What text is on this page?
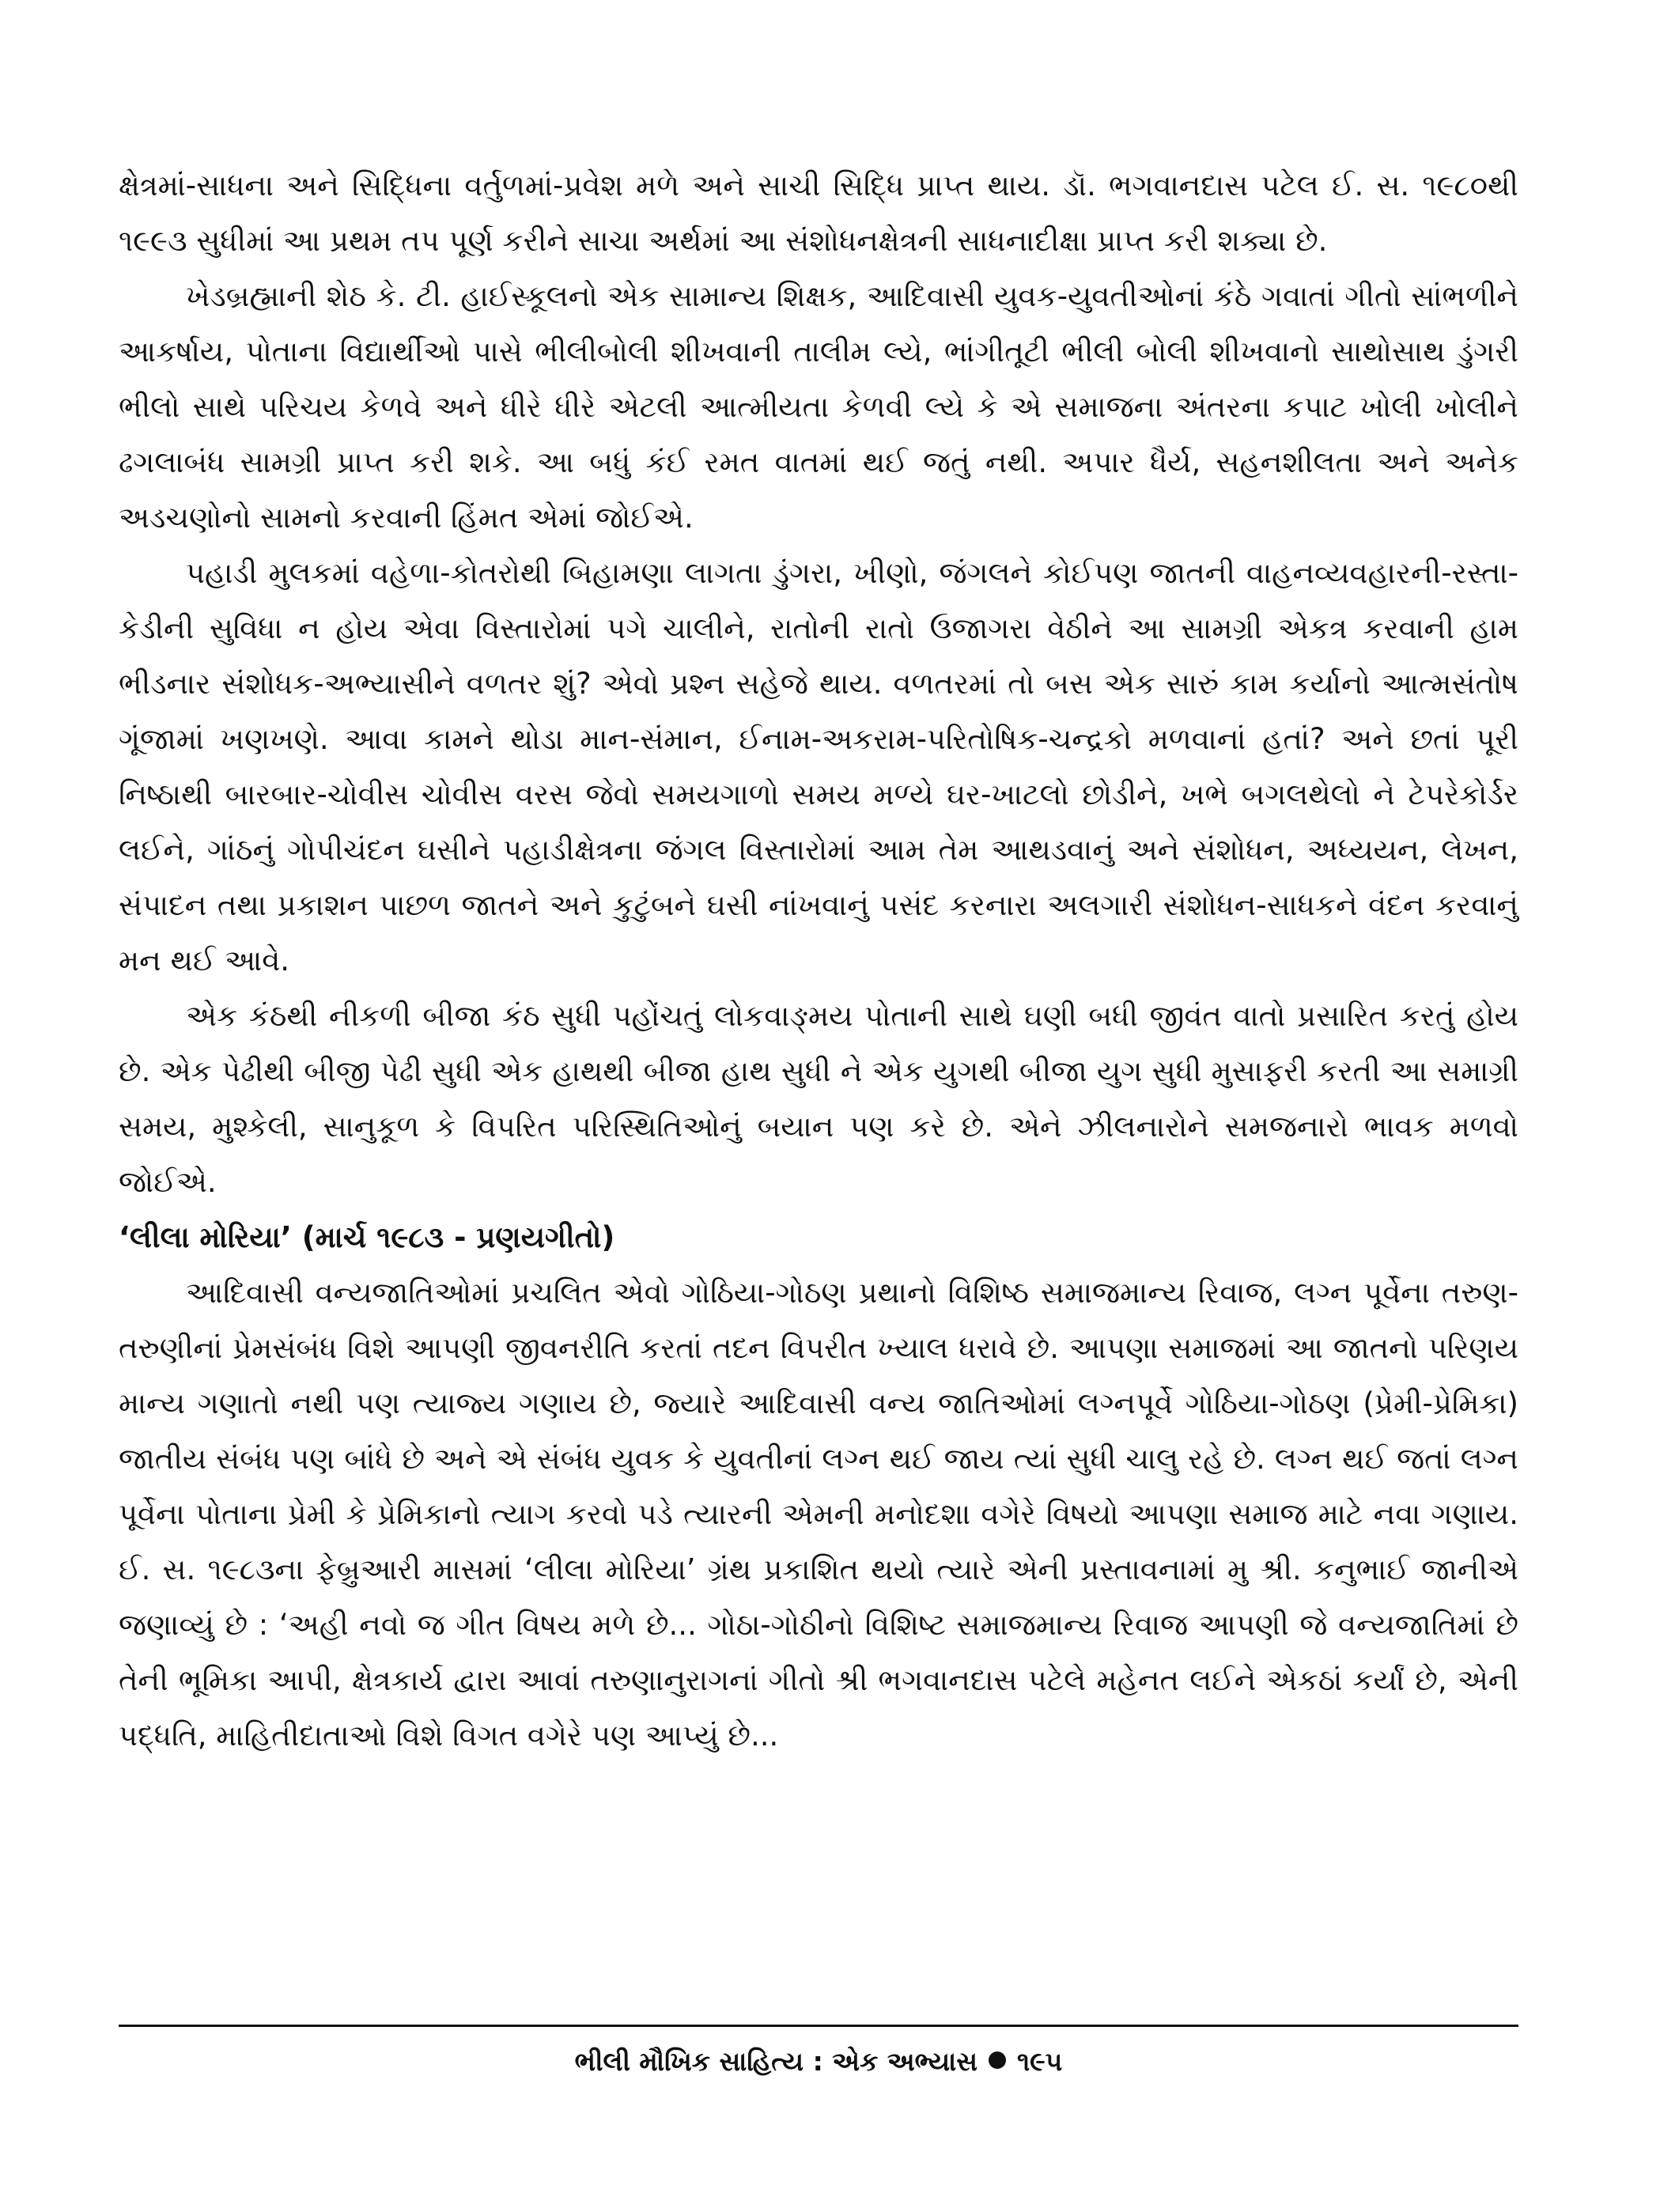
ક્ષેત્રમાં-સાધના અને સિદ્ધિના વર્તુળમાં-પ્રવેશ મળે અને સાચી સિદ્ધિ પ્રાપ્ત થાય. ડૉ. ભગવાનદાસ પટેલ ઈ. સ. ૧૯૮૦થી ૧૯૯૩ સુધીમાં આ પ્રથમ તપ પૂર્ણ કરીને સાચા અર્થમાં આ સંશોધનક્ષેત્રની સાધનાદીક્ષા પ્રાપ્ત કરી શક્યા છે.

ખેડબ્રહ્માની શેઠ કે. ટી. હાઈસ્કૂલનો એક સામાન્ય શિક્ષક, આદિવાસી યુવક-યુવતીઓનાં કંઠે ગવાતાં ગીતો સાંભળીને આકર્ષાય, પોતાના વિદ્યાર્થીઓ પાસે ભીલીબોલી શીખવાની તાલીમ લ્યે, ભાંગીતૂટી ભીલી બોલી શીખવાનો સાથોસાથ ડુંગરી ભીલો સાથે પરિચય કેળવે અને ધીરે ધીરે એટલી આત્મીયતા કેળવી લ્યે કે એ સમાજના અંતરના કપાટ ખોલી ખોલીને ઢગલાબંધ સામગ્રી પ્રાપ્ત કરી શકે. આ બધું કંઈ રમત વાતમાં થઈ જતું નથી. અપાર ધૈર્ય, સહનશીલતા અને અનેક અડચણોનો સામનો કરવાની હિંમત એમાં જોઈએ.

પહાડી મુલકમાં વહેળા-કોતરોથી બિહામણા લાગતા ડુંગરા, ખીણો, જંગલને કોઈપણ જાતની વાહનવ્યવહારની-રસ્તા-કેડીની સુવિધા ન હોય એવા વિસ્તારોમાં પગે ચાલીને, રાતોની રાતો ઉજાગરા વેઠીને આ સામગ્રી એકત્ર કરવાની હામ ભીડનાર સંશોધક-અભ્યાસીને વળતર શું? એવો પ્રશ્ન સહેજે થાય. વળતરમાં તો બસ એક સારું કામ કર્યાનો આત્મસંતોષ ગૂંજામાં ખણખણે. આવા કામને થોડા માન-સંમાન, ઈનામ-અકરામ-પરિતોષિક-ચન્દ્રકો મળવાનાં હતાં? અને છતાં પૂરી નિષ્ઠાથી બારબાર-ચોવીસ ચોવીસ વરસ જેવો સમયગાળો સમય મળ્યે ઘર-ખાટલો છોડીને, ખભે બગલથેલો ને ટેપરેકોર્ડર લઈને, ગાંઠનું ગોપીચંદન ઘસીને પહાડીક્ષેત્રના જંગલ વિસ્તારોમાં આમ તેમ આથડવાનું અને સંશોધન, અધ્યયન, લેખન, સંપાદન તથા પ્રકાશન પાછળ જાતને અને કુટુંબને ઘસી નાંખવાનું પસંદ કરનારા અલગારી સંશોધન-સાધકને વંદન કરવાનું મન થઈ આવે.

એક કંઠથી નીકળી બીજા કંઠ સુધી પહોંચતું લોકવાઙ્મય પોતાની સાથે ઘણી બધી જીવંત વાતો પ્રસારિત કરતું હોય છે. એક પેઢીથી બીજી પેઢી સુધી એક હાથથી બીજા હાથ સુધી ને એક યુગથી બીજા યુગ સુધી મુસાફરી કરતી આ સમાગ્રી સમય, મુશ્કેલી, સાનુકૂળ કે વિપરિત પરિસ્થિતિઓનું બયાન પણ કરે છે. એને ઝીલનારોને સમજનારો ભાવક મળવો જોઈએ.

‘લીલા મોરિયા’ (માર્ચ ૧૯૮૩ - પ્રણયગીતો)

આદિવાસી વન્યજાતિઓમાં પ્રચલિત એવો ગોઠિયા-ગોઠણ પ્રથાનો વિશિષ્ઠ સમાજમાન્ય રિવાજ, લગ્ન પૂર્વેના તરુણ-તરુણીનાં પ્રેમસંબંધ વિશે આપણી જીવનરીતિ કરતાં તદન વિપરીત ખ્યાલ ધરાવે છે. આપણા સમાજમાં આ જાતનો પરિણય માન્ય ગણાતો નથી પણ ત્યાજ્ય ગણાય છે, જ્યારે આદિવાસી વન્ય જાતિઓમાં લગ્નપૂર્વે ગોઠિયા-ગોઠણ (પ્રેમી-પ્રેમિકા) જાતીય સંબંધ પણ બાંધે છે અને એ સંબંધ યુવક કે યુવતીનાં લગ્ન થઈ જાય ત્યાં સુધી ચાલુ રહે છે. લગ્ન થઈ જતાં લગ્ન પૂર્વેના પોતાના પ્રેમી કે પ્રેમિકાનો ત્યાગ કરવો પડે ત્યારની એમની મનોદશા વગેરે વિષયો આપણા સમાજ માટે નવા ગણાય. ઈ. સ. ૧૯૮૩ના ફેબ્રુઆરી માસમાં ‘લીલા મોરિયા’ ગ્રંથ પ્રકાશિત થયો ત્યારે એની પ્રસ્તાવનામાં મુ શ્રી. કનુભાઈ જાનીએ જણાવ્યું છે : ‘અહી નવો જ ગીત વિષય મળે છે... ગોઠા-ગોઠીનો વિશિષ્ટ સમાજમાન્ય રિવાજ આપણી જે વન્યજાતિમાં છે તેની ભૂમિકા આપી, ક્ષેત્રકાર્ય દ્વારા આવાં તરુણાનુરાગનાં ગીતો શ્રી ભગવાનદાસ પટેલે મહેનત લઈને એકઠાં કર્યાં છે, એની પદ્ધતિ, માહિતીદાતાઓ વિશે વિગત વગેરે પણ આપ્યું છે...

ભીલી મૌખિક સાહિત્ય : એક અભ્યાસ ૧૯૫
